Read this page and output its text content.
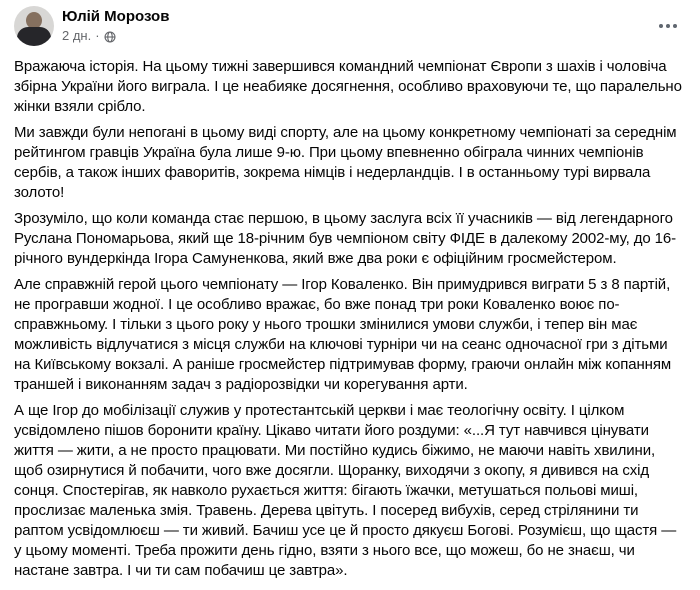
Юлій Морозов
2 дн. ·

Вражаюча історія. На цьому тижні завершився командний чемпіонат Європи з шахів і чоловіча збірна України його виграла. І це неабияке досягнення, особливо враховуючи те, що паралельно жінки взяли срібло.

Ми завжди були непогані в цьому виді спорту, але на цьому конкретному чемпіонаті за середнім рейтингом гравців Україна була лише 9-ю. При цьому впевненно обіграла чинних чемпіонів сербів, а також інших фаворитів, зокрема німців і недерландців. І в останньому турі вирвала золото!

Зрозуміло, що коли команда стає першою, в цьому заслуга всіх її учасників — від легендарного Руслана Пономарьова, який ще 18-річним був чемпіоном світу ФІДЕ в далекому 2002-му, до 16-річного вундеркінда Ігора Самуненкова, який вже два роки є офіційним гросмейстером.

Але справжній герой цього чемпіонату — Ігор Коваленко. Він примудрився виграти 5 з 8 партій, не програвши жодної. І це особливо вражає, бо вже понад три роки Коваленко воює по-справжньому. І тільки з цього року у нього трошки змінилися умови служби, і тепер він має можливість відлучатися з місця служби на ключові турніри чи на сеанс одночасної гри з дітьми на Київському вокзалі. А раніше гросмейстер підтримував форму, граючи онлайн між копанням траншей і виконанням задач з радіорозвідки чи корегування арти.

А ще Ігор до мобілізації служив у протестантській церкви і має теологічну освіту. І цілком усвідомлено пішов боронити країну. Цікаво читати його роздуми: «...Я тут навчився цінувати життя — жити, а не просто працювати. Ми постійно кудись біжимо, не маючи навіть хвилини, щоб озирнутися й побачити, чого вже досягли. Щоранку, виходячи з окопу, я дивився на схід сонця. Спостерігав, як навколо рухається життя: бігають їжачки, метушаться польові миші, прослизає маленька змія. Травень. Дерева цвітуть. І посеред вибухів, серед стрілянини ти раптом усвідомлюєш — ти живий. Бачиш усе це й просто дякуєш Богові. Розумієш, що щастя — у цьому моменті. Треба прожити день гідно, взяти з нього все, що можеш, бо не знаєш, чи настане завтра. І чи ти сам побачиш це завтра».
